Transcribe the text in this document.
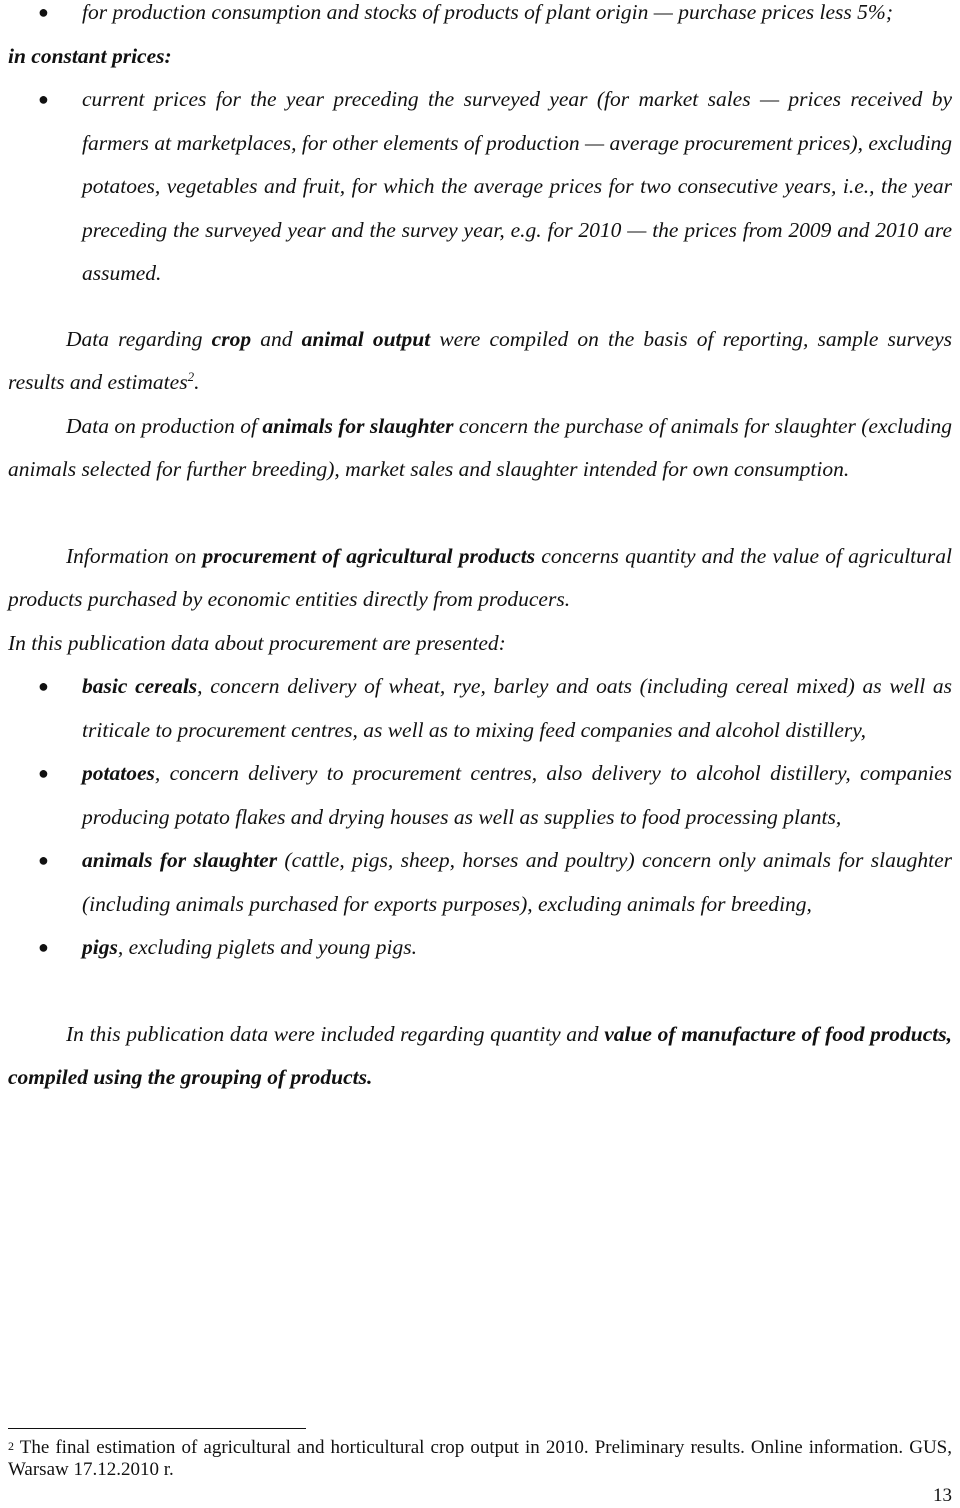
● for production consumption and stocks of products of plant origin — purchase prices less 5%;

in constant prices:

● current prices for the year preceding the surveyed year (for market sales — prices received by farmers at marketplaces, for other elements of production — average procurement prices), excluding potatoes, vegetables and fruit, for which the average prices for two consecutive years, i.e., the year preceding the surveyed year and the survey year, e.g. for 2010 — the prices from 2009 and 2010 are assumed.

Data regarding crop and animal output were compiled on the basis of reporting, sample surveys results and estimates$^2$.

Data on production of animals for slaughter concern the purchase of animals for slaughter (excluding animals selected for further breeding), market sales and slaughter intended for own consumption.

Information on procurement of agricultural products concerns quantity and the value of agricultural products purchased by economic entities directly from producers.

In this publication data about procurement are presented:

● basic cereals, concern delivery of wheat, rye, barley and oats (including cereal mixed) as well as triticale to procurement centres, as well as to mixing feed companies and alcohol distillery,
● potatoes, concern delivery to procurement centres, also delivery to alcohol distillery, companies producing potato flakes and drying houses as well as supplies to food processing plants,
● animals for slaughter (cattle, pigs, sheep, horses and poultry) concern only animals for slaughter (including animals purchased for exports purposes), excluding animals for breeding,
● pigs, excluding piglets and young pigs.

In this publication data were included regarding quantity and value of manufacture of food products, compiled using the grouping of products.

$^2$ The final estimation of agricultural and horticultural crop output in 2010. Preliminary results. Online information. GUS, Warsaw 17.12.2010 r.

13
